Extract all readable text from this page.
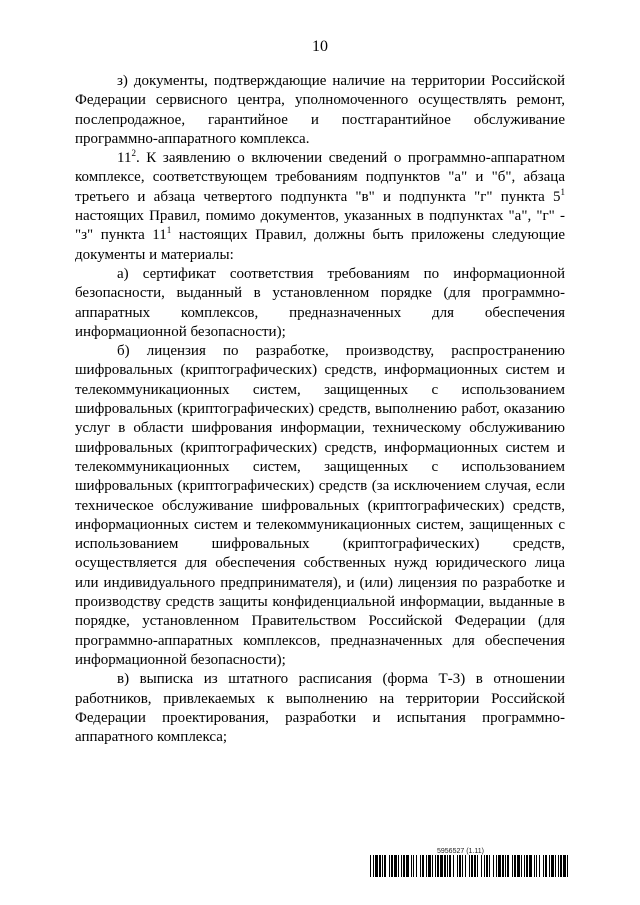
10

з) документы, подтверждающие наличие на территории Российской Федерации сервисного центра, уполномоченного осуществлять ремонт, послепродажное, гарантийное и постгарантийное обслуживание программно-аппаратного комплекса.

$11^2$. К заявлению о включении сведений о программно-аппаратном комплексе, соответствующем требованиям подпунктов "а" и "б", абзаца третьего и абзаца четвертого подпункта "в" и подпункта "г" пункта $5^1$ настоящих Правил, помимо документов, указанных в подпунктах "а", "г" - "з" пункта $11^1$ настоящих Правил, должны быть приложены следующие документы и материалы:

а) сертификат соответствия требованиям по информационной безопасности, выданный в установленном порядке (для программно-аппаратных комплексов, предназначенных для обеспечения информационной безопасности);

б) лицензия по разработке, производству, распространению шифровальных (криптографических) средств, информационных систем и телекоммуникационных систем, защищенных с использованием шифровальных (криптографических) средств, выполнению работ, оказанию услуг в области шифрования информации, техническому обслуживанию шифровальных (криптографических) средств, информационных систем и телекоммуникационных систем, защищенных с использованием шифровальных (криптографических) средств (за исключением случая, если техническое обслуживание шифровальных (криптографических) средств, информационных систем и телекоммуникационных систем, защищенных с использованием шифровальных (криптографических) средств, осуществляется для обеспечения собственных нужд юридического лица или индивидуального предпринимателя), и (или) лицензия по разработке и производству средств защиты конфиденциальной информации, выданные в порядке, установленном Правительством Российской Федерации (для программно-аппаратных комплексов, предназначенных для обеспечения информационной безопасности);

в) выписка из штатного расписания (форма Т-3) в отношении работников, привлекаемых к выполнению на территории Российской Федерации проектирования, разработки и испытания программно-аппаратного комплекса;

5956527 (1.11)
